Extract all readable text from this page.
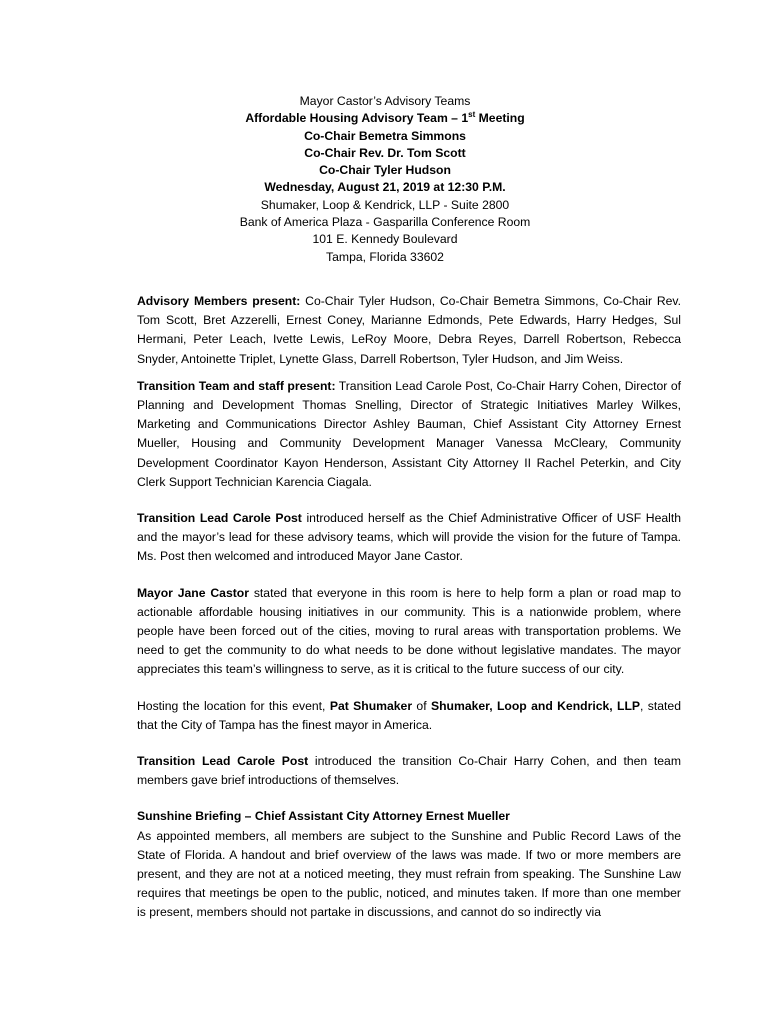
Mayor Castor’s Advisory Teams
Affordable Housing Advisory Team – 1st Meeting
Co-Chair Bemetra Simmons
Co-Chair Rev. Dr. Tom Scott
Co-Chair Tyler Hudson
Wednesday, August 21, 2019 at 12:30 P.M.
Shumaker, Loop & Kendrick, LLP - Suite 2800
Bank of America Plaza - Gasparilla Conference Room
101 E. Kennedy Boulevard
Tampa, Florida 33602

Advisory Members present: Co-Chair Tyler Hudson, Co-Chair Bemetra Simmons, Co-Chair Rev. Tom Scott, Bret Azzerelli, Ernest Coney, Marianne Edmonds, Pete Edwards, Harry Hedges, Sul Hermani, Peter Leach, Ivette Lewis, LeRoy Moore, Debra Reyes, Darrell Robertson, Rebecca Snyder, Antoinette Triplet, Lynette Glass, Darrell Robertson, Tyler Hudson, and Jim Weiss.

Transition Team and staff present: Transition Lead Carole Post, Co-Chair Harry Cohen, Director of Planning and Development Thomas Snelling, Director of Strategic Initiatives Marley Wilkes, Marketing and Communications Director Ashley Bauman, Chief Assistant City Attorney Ernest Mueller, Housing and Community Development Manager Vanessa McCleary, Community Development Coordinator Kayon Henderson, Assistant City Attorney II Rachel Peterkin, and City Clerk Support Technician Karencia Ciagala.

Transition Lead Carole Post introduced herself as the Chief Administrative Officer of USF Health and the mayor’s lead for these advisory teams, which will provide the vision for the future of Tampa. Ms. Post then welcomed and introduced Mayor Jane Castor.

Mayor Jane Castor stated that everyone in this room is here to help form a plan or road map to actionable affordable housing initiatives in our community. This is a nationwide problem, where people have been forced out of the cities, moving to rural areas with transportation problems. We need to get the community to do what needs to be done without legislative mandates. The mayor appreciates this team’s willingness to serve, as it is critical to the future success of our city.

Hosting the location for this event, Pat Shumaker of Shumaker, Loop and Kendrick, LLP, stated that the City of Tampa has the finest mayor in America.

Transition Lead Carole Post introduced the transition Co-Chair Harry Cohen, and then team members gave brief introductions of themselves.

Sunshine Briefing – Chief Assistant City Attorney Ernest Mueller

As appointed members, all members are subject to the Sunshine and Public Record Laws of the State of Florida. A handout and brief overview of the laws was made. If two or more members are present, and they are not at a noticed meeting, they must refrain from speaking. The Sunshine Law requires that meetings be open to the public, noticed, and minutes taken. If more than one member is present, members should not partake in discussions, and cannot do so indirectly via
